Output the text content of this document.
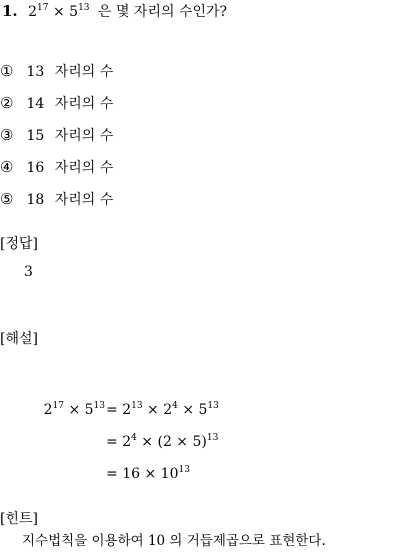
1. $2^{17} \times 5^{13}$ 은 몇 자리의 수인가?
① 13 자리의 수
② 14 자리의 수
③ 15 자리의 수
④ 16 자리의 수
⑤ 18 자리의 수
[정답]
3
[해설]
$2^{17} \times 5^{13} = 2^{13} \times 2^4 \times 5^{13}$
= $2^4 \times (2 \times 5)^{13}$
= $16 \times 10^{13}$
[힌트]
지수법칙을 이용하여 10 의 거듭제곱으로 표현한다.
